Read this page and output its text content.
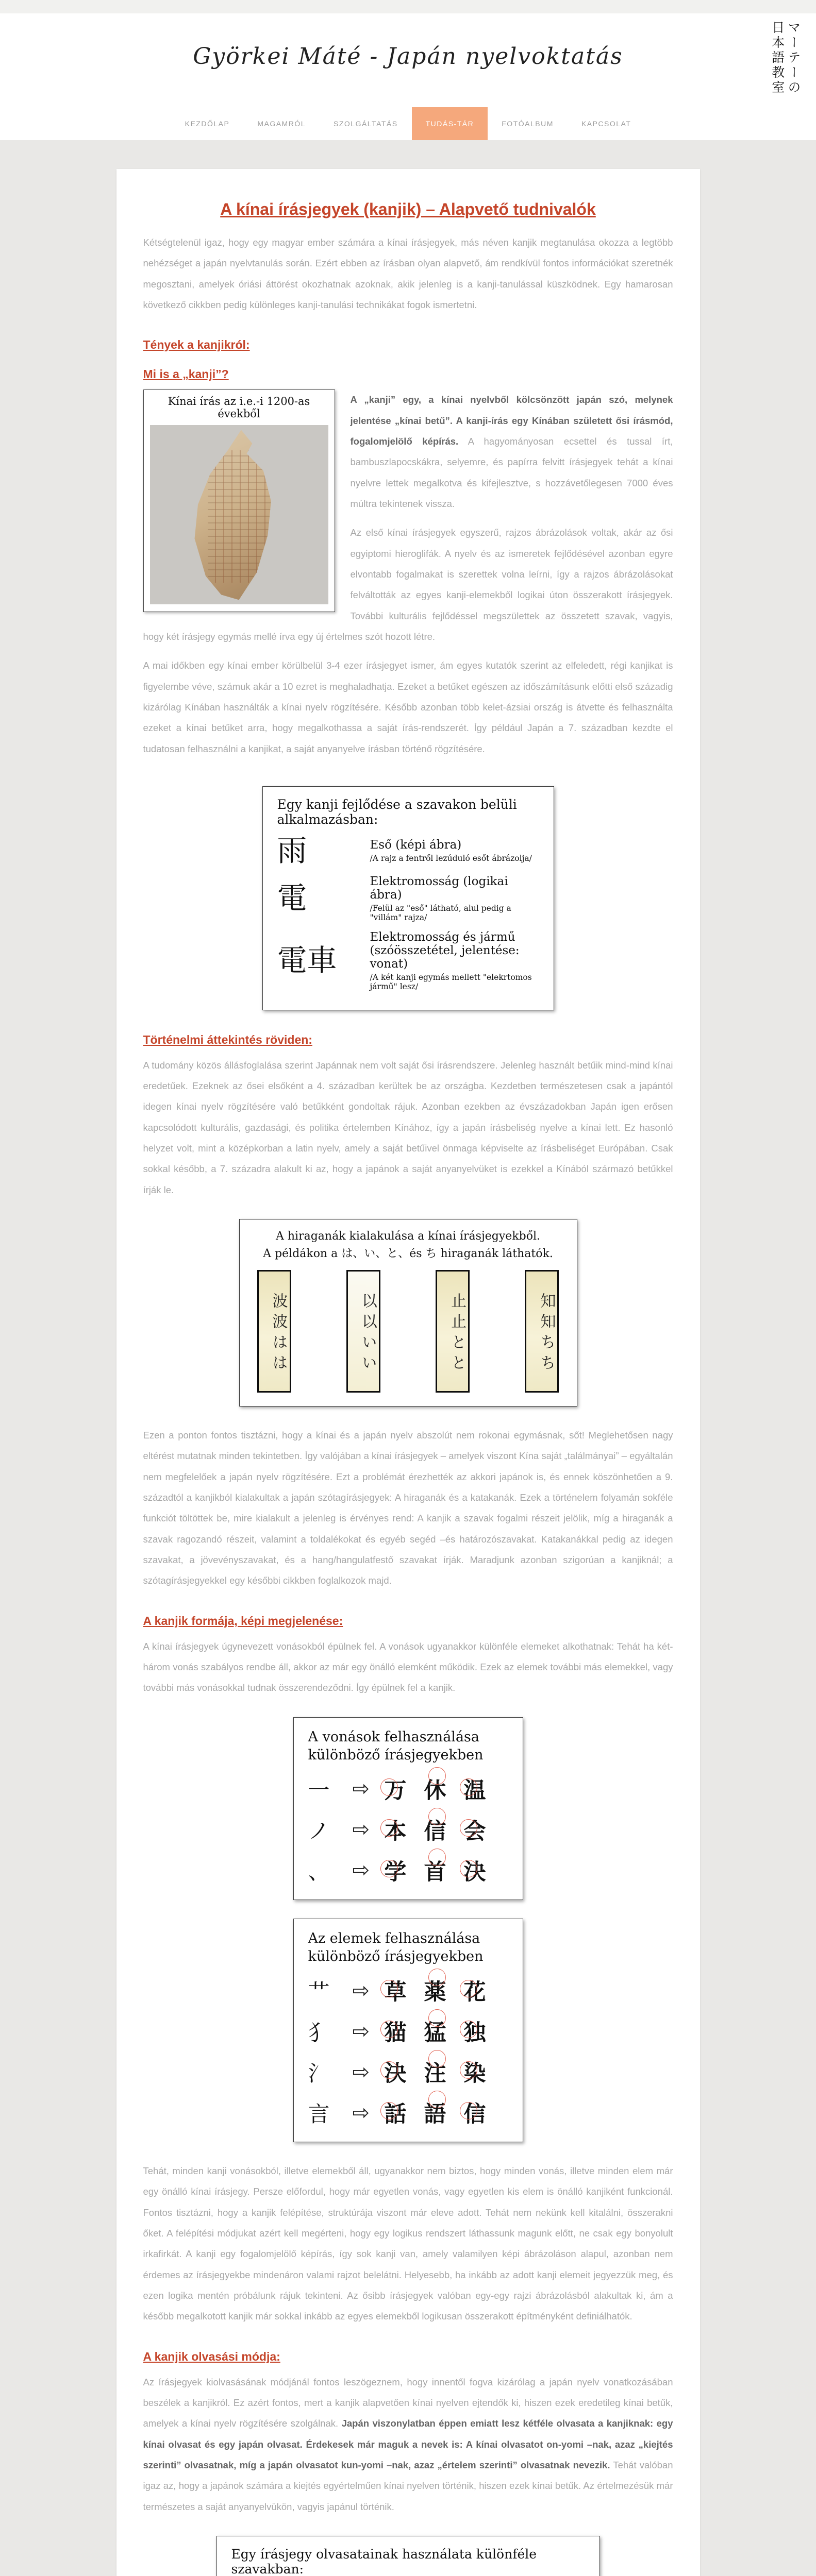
Györkei Máté - Japán nyelvoktatás	マーテーの
日本語教室
KEZDŐLAP	MAGAMRÓL	SZOLGÁLTATÁS	TUDÁS-TÁR	FOTÓALBUM	KAPCSOLAT
A kínai írásjegyek (kanjik) – Alapvető tudnivalók

Kétségtelenül igaz, hogy egy magyar ember számára a kínai írásjegyek, más néven kanjik megtanulása okozza a legtöbb nehézséget a japán nyelvtanulás során. Ezért ebben az írásban olyan alapvető, ám rendkívül fontos információkat szeretnék megosztani, amelyek óriási áttörést okozhatnak azoknak, akik jelenleg is a kanji-tanulással küszködnek. Egy hamarosan következő cikkben pedig különleges kanji-tanulási technikákat fogok ismertetni.

Tények a kanjikról:
Mi is a „kanji”?
Kínai írás az i.e.-i 1200-as évekből

A „kanji” egy, a kínai nyelvből kölcsönzött japán szó, melynek jelentése „kínai betű”. A kanji-írás egy Kínában született ősi írásmód, fogalomjelölő képírás. A hagyományosan ecsettel és tussal írt, bambuszlapocskákra, selyemre, és papírra felvitt írásjegyek tehát a kínai nyelvre lettek megalkotva és kifejlesztve, s hozzávetőlegesen 7000 éves múltra tekintenek vissza.

Az első kínai írásjegyek egyszerű, rajzos ábrázolások voltak, akár az ősi egyiptomi hieroglifák. A nyelv és az ismeretek fejlődésével azonban egyre elvontabb fogalmakat is szerettek volna leírni, így a rajzos ábrázolásokat felváltották az egyes kanji-elemekből logikai úton összerakott írásjegyek. További kulturális fejlődéssel megszülettek az összetett szavak, vagyis, hogy két írásjegy egymás mellé írva egy új értelmes szót hozott létre.

A mai időkben egy kínai ember körülbelül 3-4 ezer írásjegyet ismer, ám egyes kutatók szerint az elfeledett, régi kanjikat is figyelembe véve, számuk akár a 10 ezret is meghaladhatja. Ezeket a betűket egészen az időszámításunk előtti első századig kizárólag Kínában használták a kínai nyelv rögzítésére. Később azonban több kelet-ázsiai ország is átvette és felhasználta ezeket a kínai betűket arra, hogy megalkothassa a saját írás-rendszerét. Így például Japán a 7. században kezdte el tudatosan felhasználni a kanjikat, a saját anyanyelve írásban történő rögzítésére.

Egy kanji fejlődése a szavakon belüli alkalmazásban:
雨	Eső (képi ábra)
/A rajz a fentről lezúduló esőt ábrázolja/
電	Elektromosság (logikai ábra)
/Felül az "eső" látható, alul pedig a "villám" rajza/
電車
Elektromosság és jármű
(szóösszetétel, jelentése: vonat)
/A két kanji egymás mellett "elekrtomos jármű" lesz/
Történelmi áttekintés röviden:

A tudomány közös állásfoglalása szerint Japánnak nem volt saját ősi írásrendszere. Jelenleg használt betűik mind-mind kínai eredetűek. Ezeknek az ősei elsőként a 4. században kerültek be az országba. Kezdetben természetesen csak a japántól idegen kínai nyelv rögzítésére való betűkként gondoltak rájuk. Azonban ezekben az évszázadokban Japán igen erősen kapcsolódott kulturális, gazdasági, és politika értelemben Kínához, így a japán írásbeliség nyelve a kínai lett. Ez hasonló helyzet volt, mint a középkorban a latin nyelv, amely a saját betűivel önmaga képviselte az írásbeliséget Európában. Csak sokkal később, a 7. századra alakult ki az, hogy a japánok a saját anyanyelvüket is ezekkel a Kínából származó betűkkel írják le.

A hiraganák kialakulása a kínai írásjegyekből.
A példákon a は、い、と、és ち hiraganák láthatók.
波波はは	以以いい	止止とと	知知ちち

Ezen a ponton fontos tisztázni, hogy a kínai és a japán nyelv abszolút nem rokonai egymásnak, sőt! Meglehetősen nagy eltérést mutatnak minden tekintetben. Így valójában a kínai írásjegyek – amelyek viszont Kína saját „találmányai” – egyáltalán nem megfelelőek a japán nyelv rögzítésére. Ezt a problémát érezhették az akkori japánok is, és ennek köszönhetően a 9. századtól a kanjikból kialakultak a japán szótagírásjegyek: A hiraganák és a katakanák. Ezek a történelem folyamán sokféle funkciót töltöttek be, mire kialakult a jelenleg is érvényes rend: A kanjik a szavak fogalmi részeit jelölik, míg a hiraganák a szavak ragozandó részeit, valamint a toldalékokat és egyéb segéd –és határozószavakat. Katakanákkal pedig az idegen szavakat, a jövevényszavakat, és a hang/hangulatfestő szavakat írják. Maradjunk azonban szigorúan a kanjiknál; a szótagírásjegyekkel egy későbbi cikkben foglalkozok majd.

A kanjik formája, képi megjelenése:

A kínai írásjegyek úgynevezett vonásokból épülnek fel. A vonások ugyanakkor különféle elemeket alkothatnak: Tehát ha két-három vonás szabályos rendbe áll, akkor az már egy önálló elemként működik. Ezek az elemek további más elemekkel, vagy további más vonásokkal tudnak összerendeződni. Így épülnek fel a kanjik.

A vonások felhasználása
különböző írásjegyekben
一	⇨ 万 休 温
ノ	⇨ 本 信 会
、	⇨ 学 首 決
Az elemek felhasználása
különböző írásjegyekben
艹	⇨ 草 薬 花
犭	⇨ 猫 猛 独
氵	⇨ 決 注 染
言	⇨ 話 語 信

Tehát, minden kanji vonásokból, illetve elemekből áll, ugyanakkor nem biztos, hogy minden vonás, illetve minden elem már egy önálló kínai írásjegy. Persze előfordul, hogy már egyetlen vonás, vagy egyetlen kis elem is önálló kanjiként funkcionál. Fontos tisztázni, hogy a kanjik felépítése, struktúrája viszont már eleve adott. Tehát nem nekünk kell kitalálni, összerakni őket. A felépítési módjukat azért kell megérteni, hogy egy logikus rendszert láthassunk magunk előtt, ne csak egy bonyolult irkafirkát. A kanji egy fogalomjelölő képírás, így sok kanji van, amely valamilyen képi ábrázoláson alapul, azonban nem érdemes az írásjegyekbe mindenáron valami rajzot belelátni. Helyesebb, ha inkább az adott kanji elemeit jegyezzük meg, és ezen logika mentén próbálunk rájuk tekinteni. Az ősibb írásjegyek valóban egy-egy rajzi ábrázolásból alakultak ki, ám a később megalkotott kanjik már sokkal inkább az egyes elemekből logikusan összerakott építményként definiálhatók.

A kanjik olvasási módja:

Az írásjegyek kiolvasásának módjánál fontos leszögeznem, hogy innentől fogva kizárólag a japán nyelv vonatkozásában beszélek a kanjikról. Ez azért fontos, mert a kanjik alapvetően kínai nyelven ejtendők ki, hiszen ezek eredetileg kínai betűk, amelyek a kínai nyelv rögzítésére szolgálnak. Japán viszonylatban éppen emiatt lesz kétféle olvasata a kanjiknak: egy kínai olvasat és egy japán olvasat. Érdekesek már maguk a nevek is: A kínai olvasatot on-yomi –nak, azaz „kiejtés szerinti” olvasatnak, míg a japán olvasatot kun-yomi –nak, azaz „értelem szerinti” olvasatnak nevezik. Tehát valóban igaz az, hogy a japánok számára a kiejtés egyértelműen kínai nyelven történik, hiszen ezek kínai betűk. Az értelmezésük már természetes a saját anyanyelvükön, vagyis japánul történik.

Egy írásjegy olvasatainak használata különféle szavakban:
